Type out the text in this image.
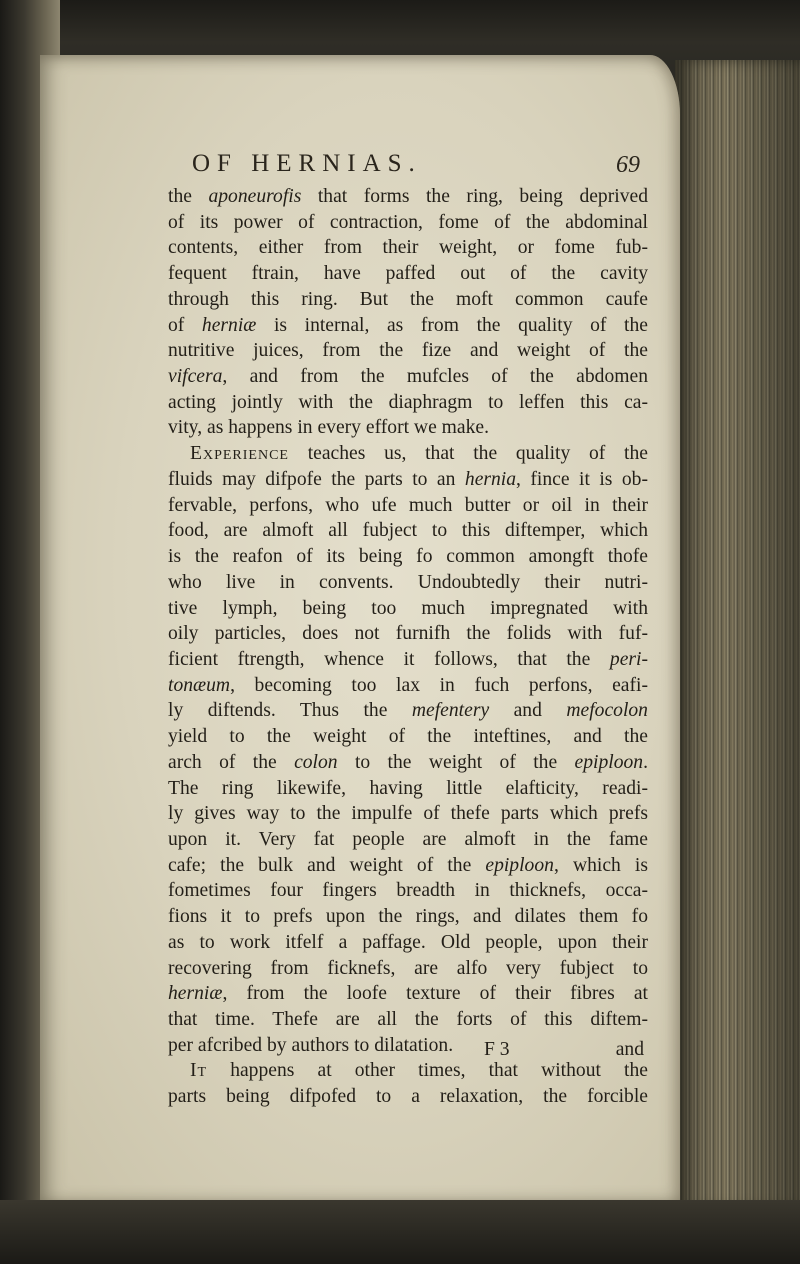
OF HERNIAS.	69
the aponeurofis that forms the ring, being deprived
of its power of contraction, fome of the abdominal
contents, either from their weight, or fome fub-
fequent ftrain, have paffed out of the cavity
through this ring. But the moft common caufe
of herniæ is internal, as from the quality of the
nutritive juices, from the fize and weight of the
vifcera, and from the mufcles of the abdomen
acting jointly with the diaphragm to leffen this ca-
vity, as happens in every effort we make.
Experience teaches us, that the quality of the
fluids may difpofe the parts to an hernia, fince it is ob-
fervable, perfons, who ufe much butter or oil in their
food, are almoft all fubject to this diftemper, which
is the reafon of its being fo common amongft thofe
who live in convents. Undoubtedly their nutri-
tive lymph, being too much impregnated with
oily particles, does not furnifh the folids with fuf-
ficient ftrength, whence it follows, that the peri-
tonæum, becoming too lax in fuch perfons, eafi-
ly diftends. Thus the mefentery and mefocolon
yield to the weight of the inteftines, and the
arch of the colon to the weight of the epiploon.
The ring likewife, having little elafticity, readi-
ly gives way to the impulfe of thefe parts which prefs
upon it. Very fat people are almoft in the fame
cafe; the bulk and weight of the epiploon, which is
fometimes four fingers breadth in thicknefs, occa-
fions it to prefs upon the rings, and dilates them fo
as to work itfelf a paffage. Old people, upon their
recovering from ficknefs, are alfo very fubject to
herniæ, from the loofe texture of their fibres at
that time. Thefe are all the forts of this diftem-
per afcribed by authors to dilatation.
It happens at other times, that without the
parts being difpofed to a relaxation, the forcible
F 3	and
